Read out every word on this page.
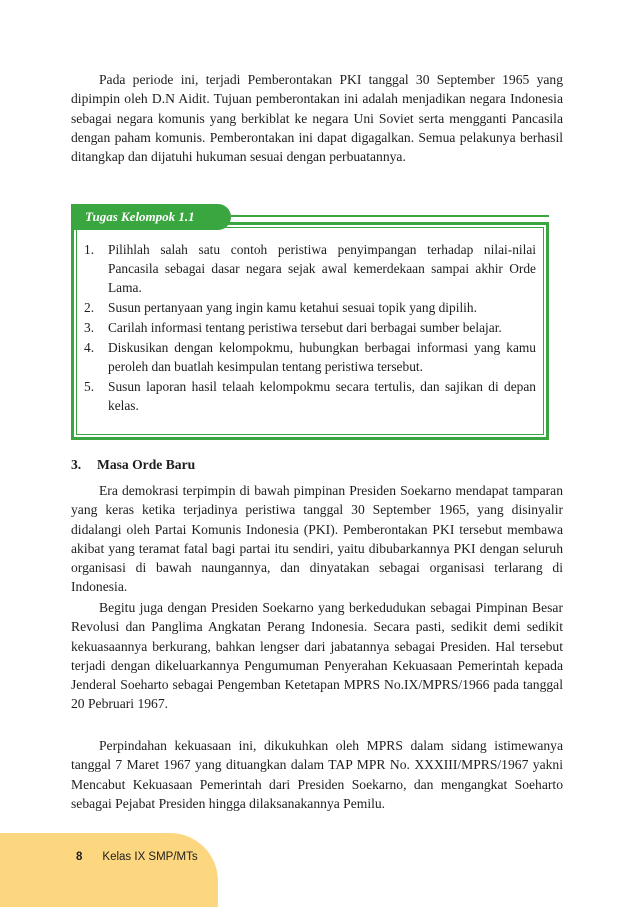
Pada periode ini, terjadi Pemberontakan PKI tanggal 30 September 1965 yang dipimpin oleh D.N Aidit. Tujuan pemberontakan ini adalah menjadikan negara Indonesia sebagai negara komunis yang berkiblat ke negara Uni Soviet serta mengganti Pancasila dengan paham komunis. Pemberontakan ini dapat digagalkan. Semua pelakunya berhasil ditangkap dan dijatuhi hukuman sesuai dengan perbuatannya.

Tugas Kelompok 1.1
1. Pilihlah salah satu contoh peristiwa penyimpangan terhadap nilai-nilai Pancasila sebagai dasar negara sejak awal kemerdekaan sampai akhir Orde Lama.
2. Susun pertanyaan yang ingin kamu ketahui sesuai topik yang dipilih.
3. Carilah informasi tentang peristiwa tersebut dari berbagai sumber belajar.
4. Diskusikan dengan kelompokmu, hubungkan berbagai informasi yang kamu peroleh dan buatlah kesimpulan tentang peristiwa tersebut.
5. Susun laporan hasil telaah kelompokmu secara tertulis, dan sajikan di depan kelas.
3. Masa Orde Baru

Era demokrasi terpimpin di bawah pimpinan Presiden Soekarno mendapat tamparan yang keras ketika terjadinya peristiwa tanggal 30 September 1965, yang disinyalir didalangi oleh Partai Komunis Indonesia (PKI). Pemberontakan PKI tersebut membawa akibat yang teramat fatal bagi partai itu sendiri, yaitu dibubarkannya PKI dengan seluruh organisasi di bawah naungannya, dan dinyatakan sebagai organisasi terlarang di Indonesia.

Begitu juga dengan Presiden Soekarno yang berkedudukan sebagai Pimpinan Besar Revolusi dan Panglima Angkatan Perang Indonesia. Secara pasti, sedikit demi sedikit kekuasaannya berkurang, bahkan lengser dari jabatannya sebagai Presiden. Hal tersebut terjadi dengan dikeluarkannya Pengumuman Penyerahan Kekuasaan Pemerintah kepada Jenderal Soeharto sebagai Pengemban Ketetapan MPRS No.IX/MPRS/1966 pada tanggal 20 Pebruari 1967.

Perpindahan kekuasaan ini, dikukuhkan oleh MPRS dalam sidang istimewanya tanggal 7 Maret 1967 yang dituangkan dalam TAP MPR No. XXXIII/MPRS/1967 yakni Mencabut Kekuasaan Pemerintah dari Presiden Soekarno, dan mengangkat Soeharto sebagai Pejabat Presiden hingga dilaksanakannya Pemilu.

8 Kelas IX SMP/MTs
